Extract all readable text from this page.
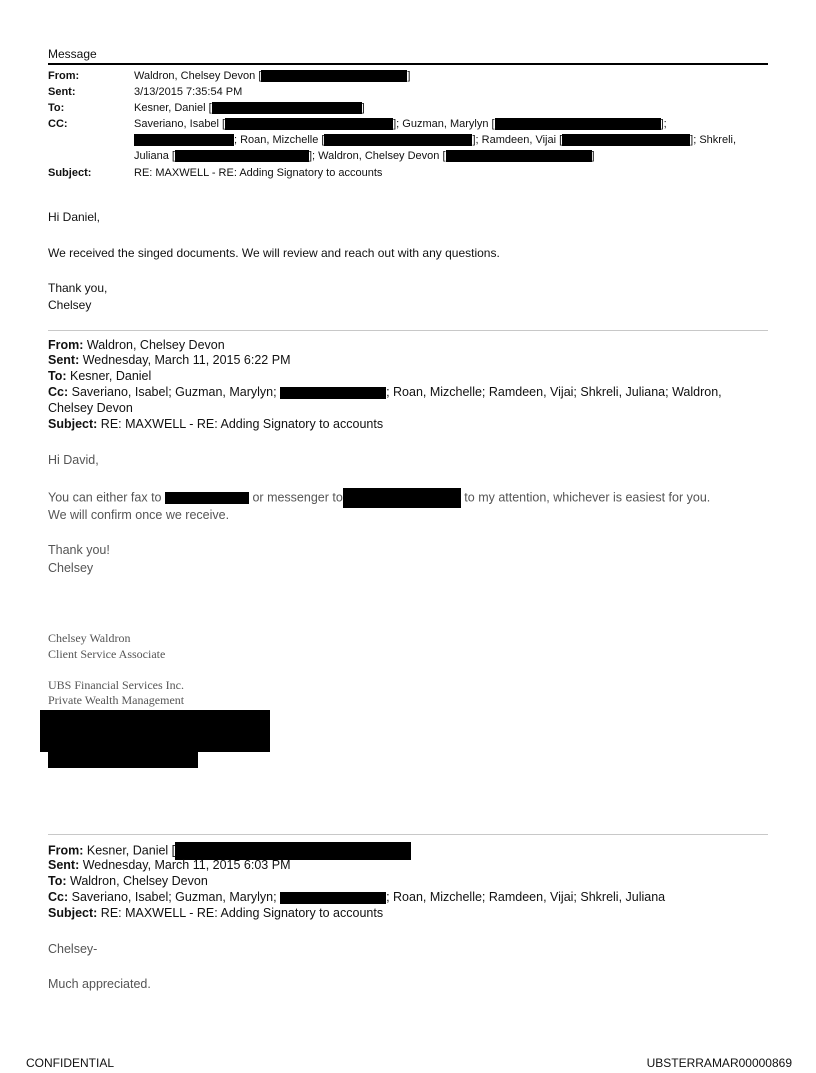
Message
From:	Waldron, Chelsey Devon [	]
Sent:	3/13/2015 7:35:54 PM
To:	Kesner, Daniel [	]
CC:	Saveriano, Isabel [	]; Guzman, Marylyn [	];
; Roan, Mizchelle [	]; Ramdeen, Vijai [	]; Shkreli,
Juliana [	]; Waldron, Chelsey Devon [	]
Subject:	RE: MAXWELL - RE: Adding Signatory to accounts
Hi Daniel,
We received the singed documents. We will review and reach out with any questions.
Thank you,
Chelsey
From: Waldron, Chelsey Devon
Sent: Wednesday, March 11, 2015 6:22 PM
To: Kesner, Daniel
Cc: Saveriano, Isabel; Guzman, Marylyn;	; Roan, Mizchelle; Ramdeen, Vijai; Shkreli, Juliana; Waldron,
Chelsey Devon
Subject: RE: MAXWELL - RE: Adding Signatory to accounts
Hi David,
You can either fax to	or messenger to	to my attention, whichever is easiest for you.
We will confirm once we receive.
Thank you!
Chelsey
Chelsey Waldron
Client Service Associate
UBS Financial Services Inc.
Private Wealth Management
From: Kesner, Daniel [
Sent: Wednesday, March 11, 2015 6:03 PM
To: Waldron, Chelsey Devon
Cc: Saveriano, Isabel; Guzman, Marylyn;	; Roan, Mizchelle; Ramdeen, Vijai; Shkreli, Juliana
Subject: RE: MAXWELL - RE: Adding Signatory to accounts
Chelsey-
Much appreciated.
CONFIDENTIAL	UBSTERRAMAR00000869
